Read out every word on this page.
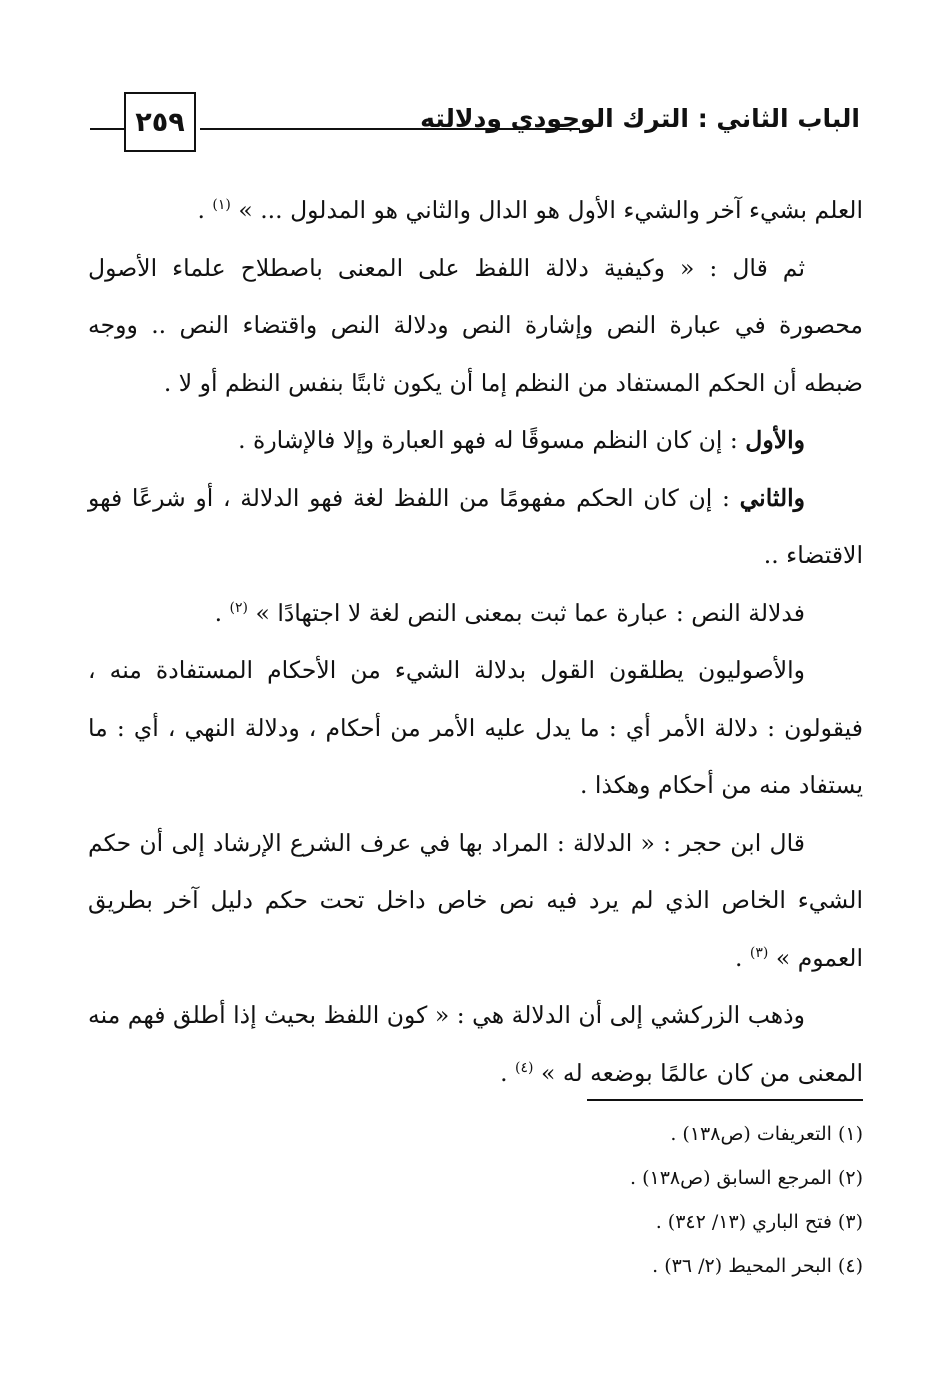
٢٥٩	الباب الثاني : الترك الوجودي ودلالته

العلم بشيء آخر والشيء الأول هو الدال والثاني هو المدلول ... » $^{(١)}$ .

ثم قال : « وكيفية دلالة اللفظ على المعنى باصطلاح علماء الأصول محصورة في عبارة النص وإشارة النص ودلالة النص واقتضاء النص .. ووجه ضبطه أن الحكم المستفاد من النظم إما أن يكون ثابتًا بنفس النظم أو لا .

والأول : إن كان النظم مسوقًا له فهو العبارة وإلا فالإشارة .

والثاني : إن كان الحكم مفهومًا من اللفظ لغة فهو الدلالة ، أو شرعًا فهو الاقتضاء ..

فدلالة النص : عبارة عما ثبت بمعنى النص لغة لا اجتهادًا » $^{(٢)}$ .

والأصوليون يطلقون القول بدلالة الشيء من الأحكام المستفادة منه ، فيقولون : دلالة الأمر أي : ما يدل عليه الأمر من أحكام ، ودلالة النهي ، أي : ما يستفاد منه من أحكام وهكذا .

قال ابن حجر : « الدلالة : المراد بها في عرف الشرع الإرشاد إلى أن حكم الشيء الخاص الذي لم يرد فيه نص خاص داخل تحت حكم دليل آخر بطريق العموم » $^{(٣)}$ .

وذهب الزركشي إلى أن الدلالة هي : « كون اللفظ بحيث إذا أطلق فهم منه المعنى من كان عالمًا بوضعه له » $^{(٤)}$ .

(١) التعريفات (ص١٣٨) .

(٢) المرجع السابق (ص١٣٨) .

(٣) فتح الباري (١٣/ ٣٤٢) .

(٤) البحر المحيط (٢/ ٣٦) .
